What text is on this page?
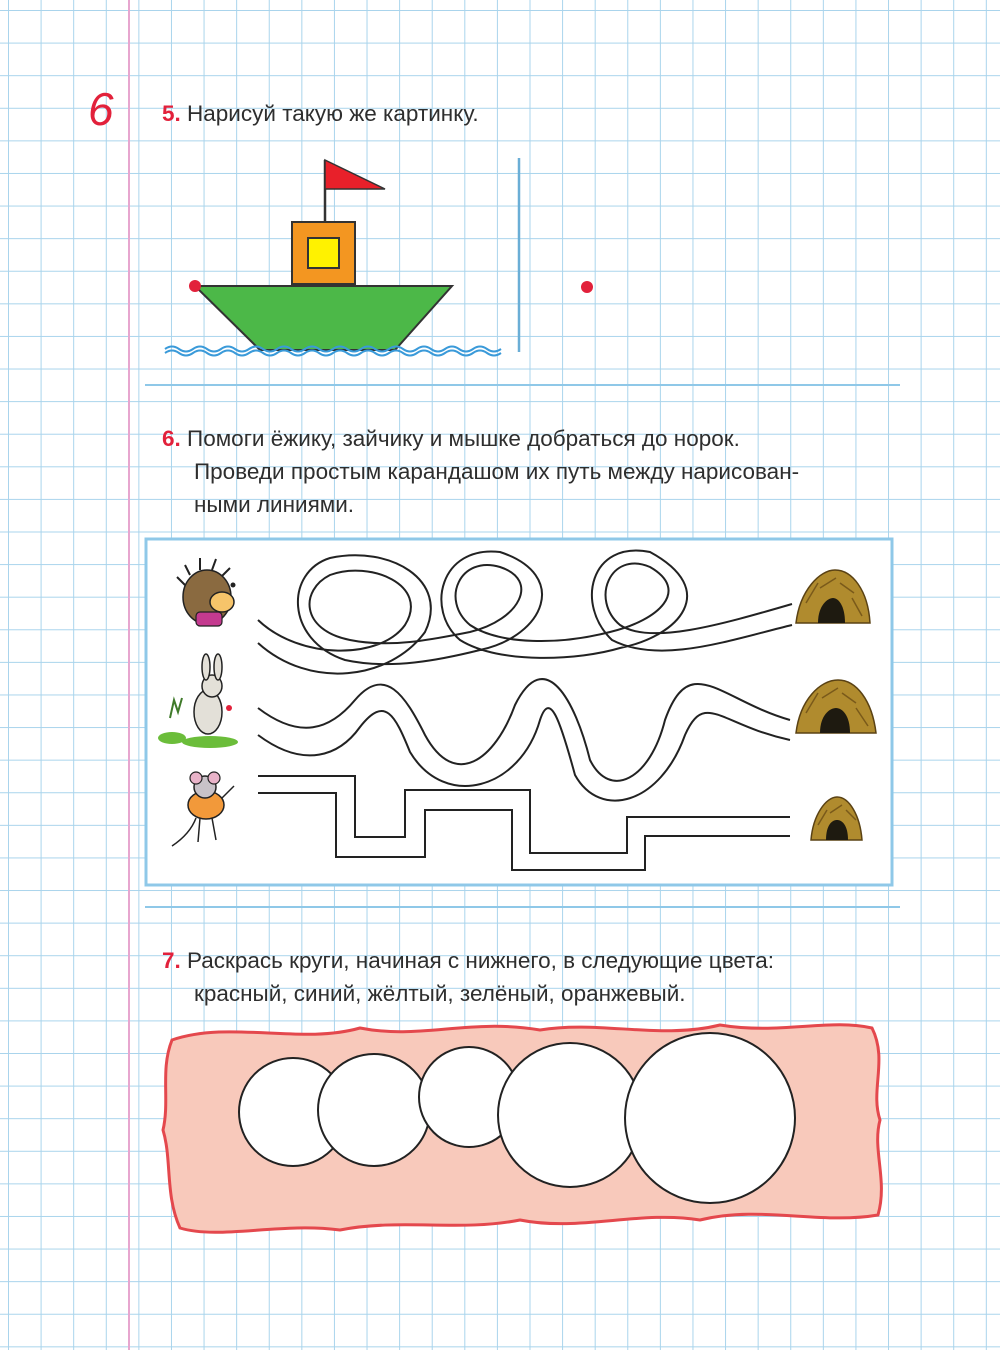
6 5. Нарисуй такую же картинку.
6. Помоги ёжику, зайчику и мышке добраться до норок.
Проведи простым карандашом их путь между нарисован-
ными линиями.
7. Раскрась круги, начиная с нижнего, в следующие цвета:
красный, синий, жёлтый, зелёный, оранжевый.
